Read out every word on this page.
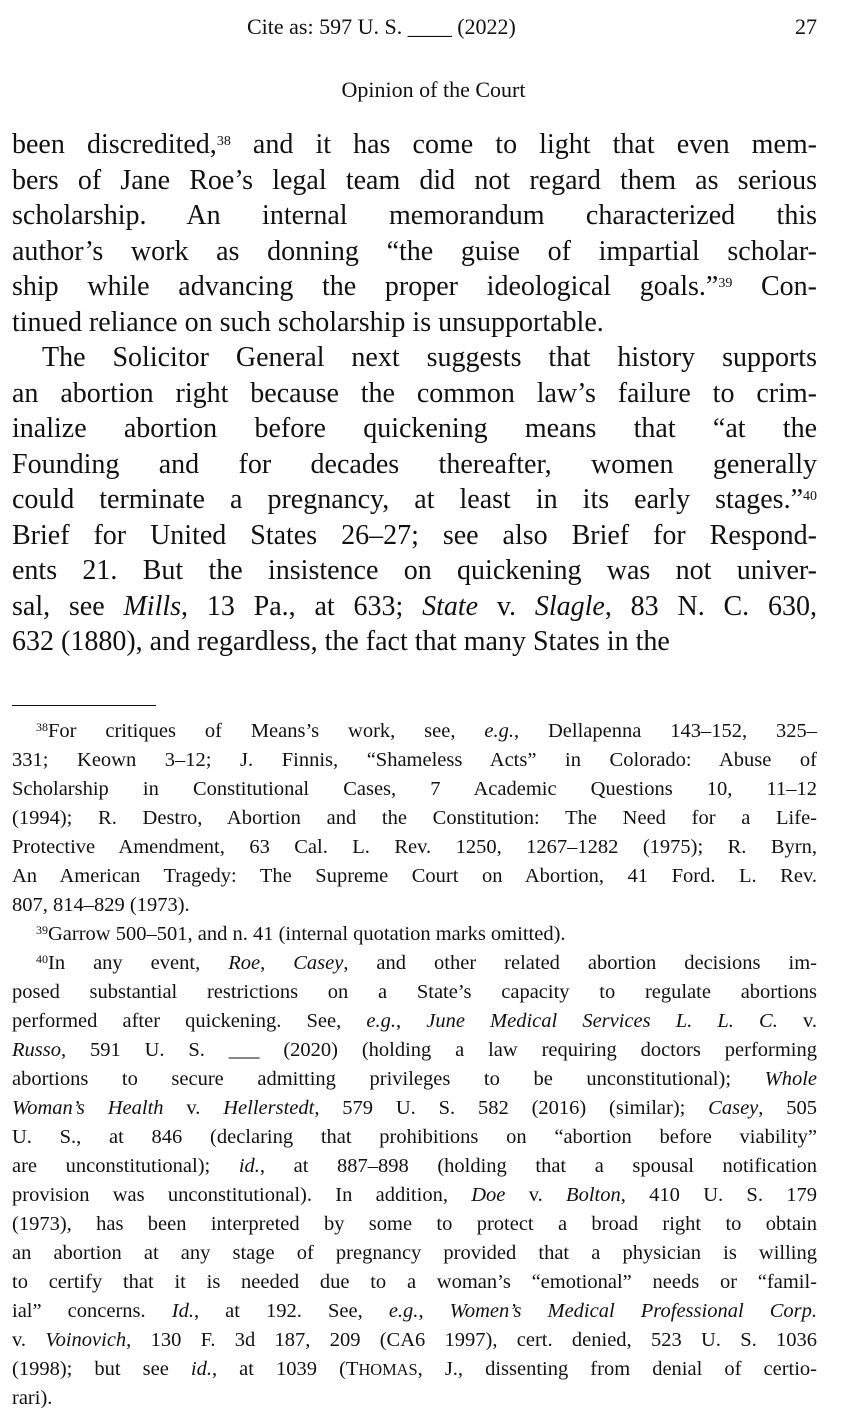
Cite as: 597 U. S. ____ (2022)	27
Opinion of the Court
been discredited,$^{38}$ and it has come to light that even mem-
bers of Jane Roe’s legal team did not regard them as serious
scholarship. An internal memorandum characterized this
author’s work as donning “the guise of impartial scholar-
ship while advancing the proper ideological goals.”$^{39}$ Con-
tinued reliance on such scholarship is unsupportable.
The Solicitor General next suggests that history supports
an abortion right because the common law’s failure to crim-
inalize abortion before quickening means that “at the
Founding and for decades thereafter, women generally
could terminate a pregnancy, at least in its early stages.”$^{40}$
Brief for United States 26–27; see also Brief for Respond-
ents 21. But the insistence on quickening was not univer-
sal, see Mills, 13 Pa., at 633; State v. Slagle, 83 N. C. 630,
632 (1880), and regardless, the fact that many States in the
$^{38}$For critiques of Means’s work, see, e.g., Dellapenna 143–152, 325–
331; Keown 3–12; J. Finnis, “Shameless Acts” in Colorado: Abuse of
Scholarship in Constitutional Cases, 7 Academic Questions 10, 11–12
(1994); R. Destro, Abortion and the Constitution: The Need for a Life-
Protective Amendment, 63 Cal. L. Rev. 1250, 1267–1282 (1975); R. Byrn,
An American Tragedy: The Supreme Court on Abortion, 41 Ford. L. Rev.
807, 814–829 (1973).
$^{39}$Garrow 500–501, and n. 41 (internal quotation marks omitted).
$^{40}$In any event, Roe, Casey, and other related abortion decisions im-
posed substantial restrictions on a State’s capacity to regulate abortions
performed after quickening. See, e.g., June Medical Services L. L. C. v.
Russo, 591 U. S. ___ (2020) (holding a law requiring doctors performing
abortions to secure admitting privileges to be unconstitutional); Whole
Woman’s Health v. Hellerstedt, 579 U. S. 582 (2016) (similar); Casey, 505
U. S., at 846 (declaring that prohibitions on “abortion before viability”
are unconstitutional); id., at 887–898 (holding that a spousal notification
provision was unconstitutional). In addition, Doe v. Bolton, 410 U. S. 179
(1973), has been interpreted by some to protect a broad right to obtain
an abortion at any stage of pregnancy provided that a physician is willing
to certify that it is needed due to a woman’s “emotional” needs or “famil-
ial” concerns. Id., at 192. See, e.g., Women’s Medical Professional Corp.
v. Voinovich, 130 F. 3d 187, 209 (CA6 1997), cert. denied, 523 U. S. 1036
(1998); but see id., at 1039 (THOMAS, J., dissenting from denial of certio-
rari).
